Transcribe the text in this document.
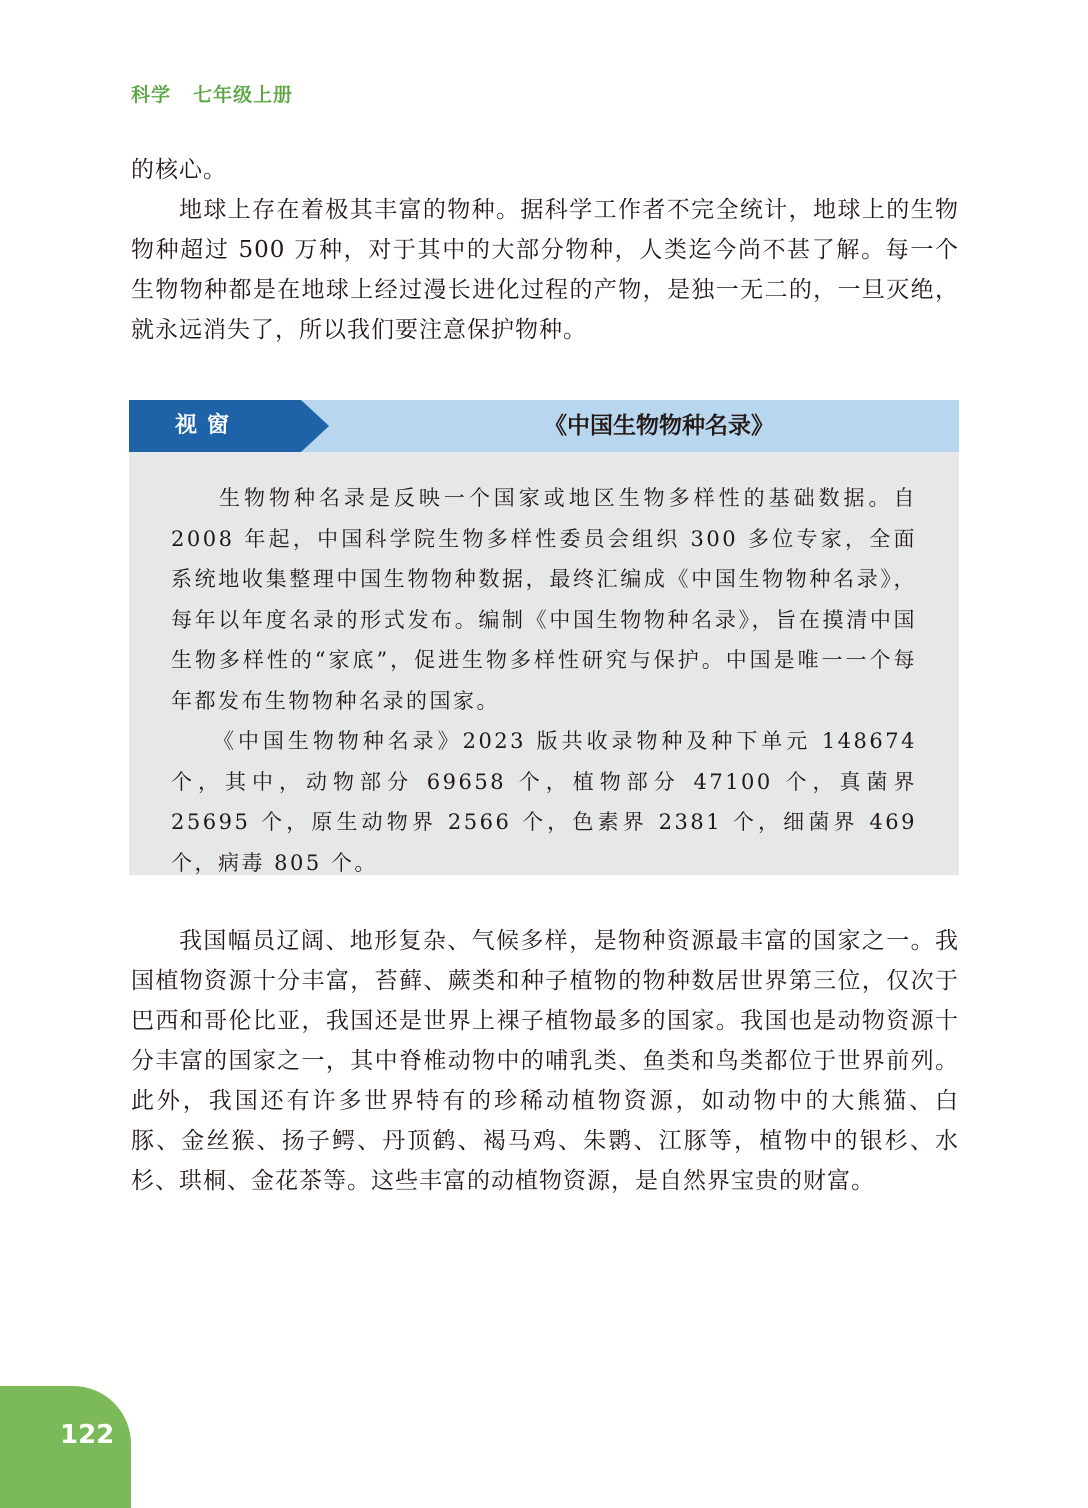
科学 七年级上册

的核心。

地球上存在着极其丰富的物种。据科学工作者不完全统计，地球上的生物物种超过 500 万种，对于其中的大部分物种，人类迄今尚不甚了解。每一个生物物种都是在地球上经过漫长进化过程的产物，是独一无二的，一旦灭绝，就永远消失了，所以我们要注意保护物种。

视窗	《中国生物物种名录》

生物物种名录是反映一个国家或地区生物多样性的基础数据。自 2008 年起，中国科学院生物多样性委员会组织 300 多位专家，全面系统地收集整理中国生物物种数据，最终汇编成《中国生物物种名录》，每年以年度名录的形式发布。编制《中国生物物种名录》，旨在摸清中国生物多样性的“家底”，促进生物多样性研究与保护。中国是唯一一个每年都发布生物物种名录的国家。

《中国生物物种名录》2023 版共收录物种及种下单元 148674 个，其中，动物部分 69658 个，植物部分 47100 个，真菌界 25695 个，原生动物界 2566 个，色素界 2381 个，细菌界 469 个，病毒 805 个。

我国幅员辽阔、地形复杂、气候多样，是物种资源最丰富的国家之一。我国植物资源十分丰富，苔藓、蕨类和种子植物的物种数居世界第三位，仅次于巴西和哥伦比亚，我国还是世界上裸子植物最多的国家。我国也是动物资源十分丰富的国家之一，其中脊椎动物中的哺乳类、鱼类和鸟类都位于世界前列。此外，我国还有许多世界特有的珍稀动植物资源，如动物中的大熊猫、白　豚、金丝猴、扬子鳄、丹顶鹤、褐马鸡、朱鹮、江豚等，植物中的银杉、水杉、珙桐、金花茶等。这些丰富的动植物资源，是自然界宝贵的财富。

122
